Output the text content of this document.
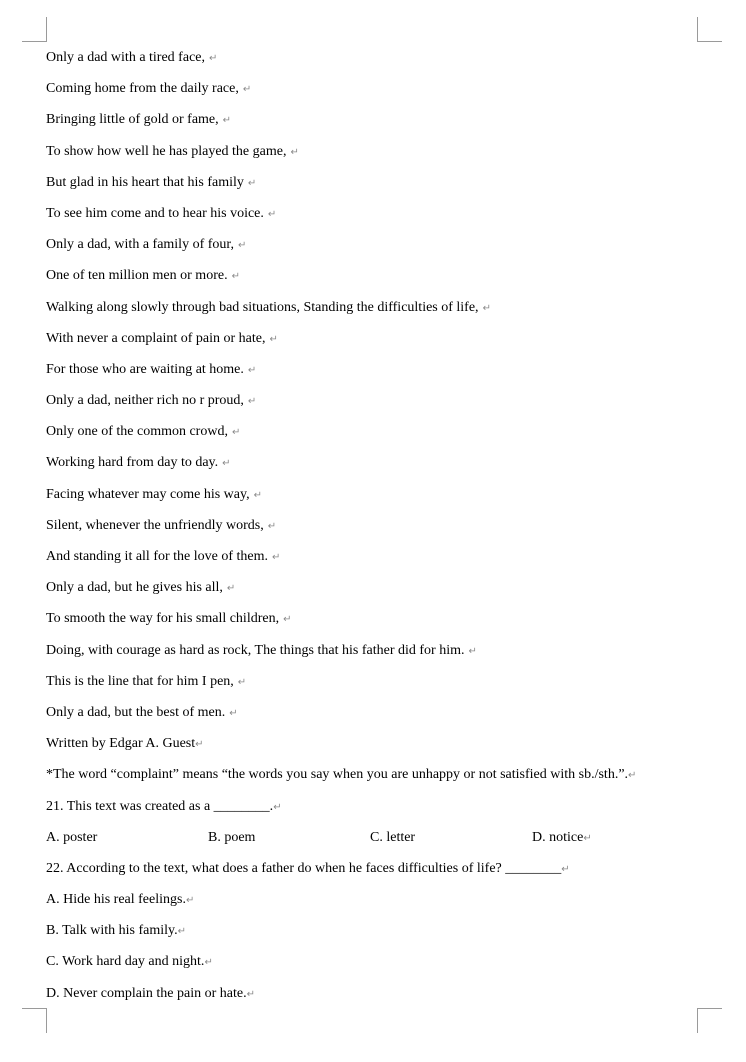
Only a dad with a tired face, ↵
Coming home from the daily race, ↵
Bringing little of gold or fame, ↵
To show how well he has played the game, ↵
But glad in his heart that his family ↵
To see him come and to hear his voice. ↵
Only a dad, with a family of four, ↵
One of ten million men or more. ↵
Walking along slowly through bad situations, Standing the difficulties of life, ↵
With never a complaint of pain or hate, ↵
For those who are waiting at home. ↵
Only a dad, neither rich no r proud, ↵
Only one of the common crowd, ↵
Working hard from day to day. ↵
Facing whatever may come his way, ↵
Silent, whenever the unfriendly words, ↵
And standing it all for the love of them. ↵
Only a dad, but he gives his all, ↵
To smooth the way for his small children, ↵
Doing, with courage as hard as rock, The things that his father did for him. ↵
This is the line that for him I pen, ↵
Only a dad, but the best of men. ↵
Written by Edgar A. Guest↵
*The word “complaint” means “the words you say when you are unhappy or not satisfied with sb./sth.”.↵
21. This text was created as a ________.↵
A. poster	B. poem	C. letter	D. notice↵
22. According to the text, what does a father do when he faces difficulties of life? ________↵
A. Hide his real feelings.↵
B. Talk with his family.↵
C. Work hard day and night.↵
D. Never complain the pain or hate.↵
